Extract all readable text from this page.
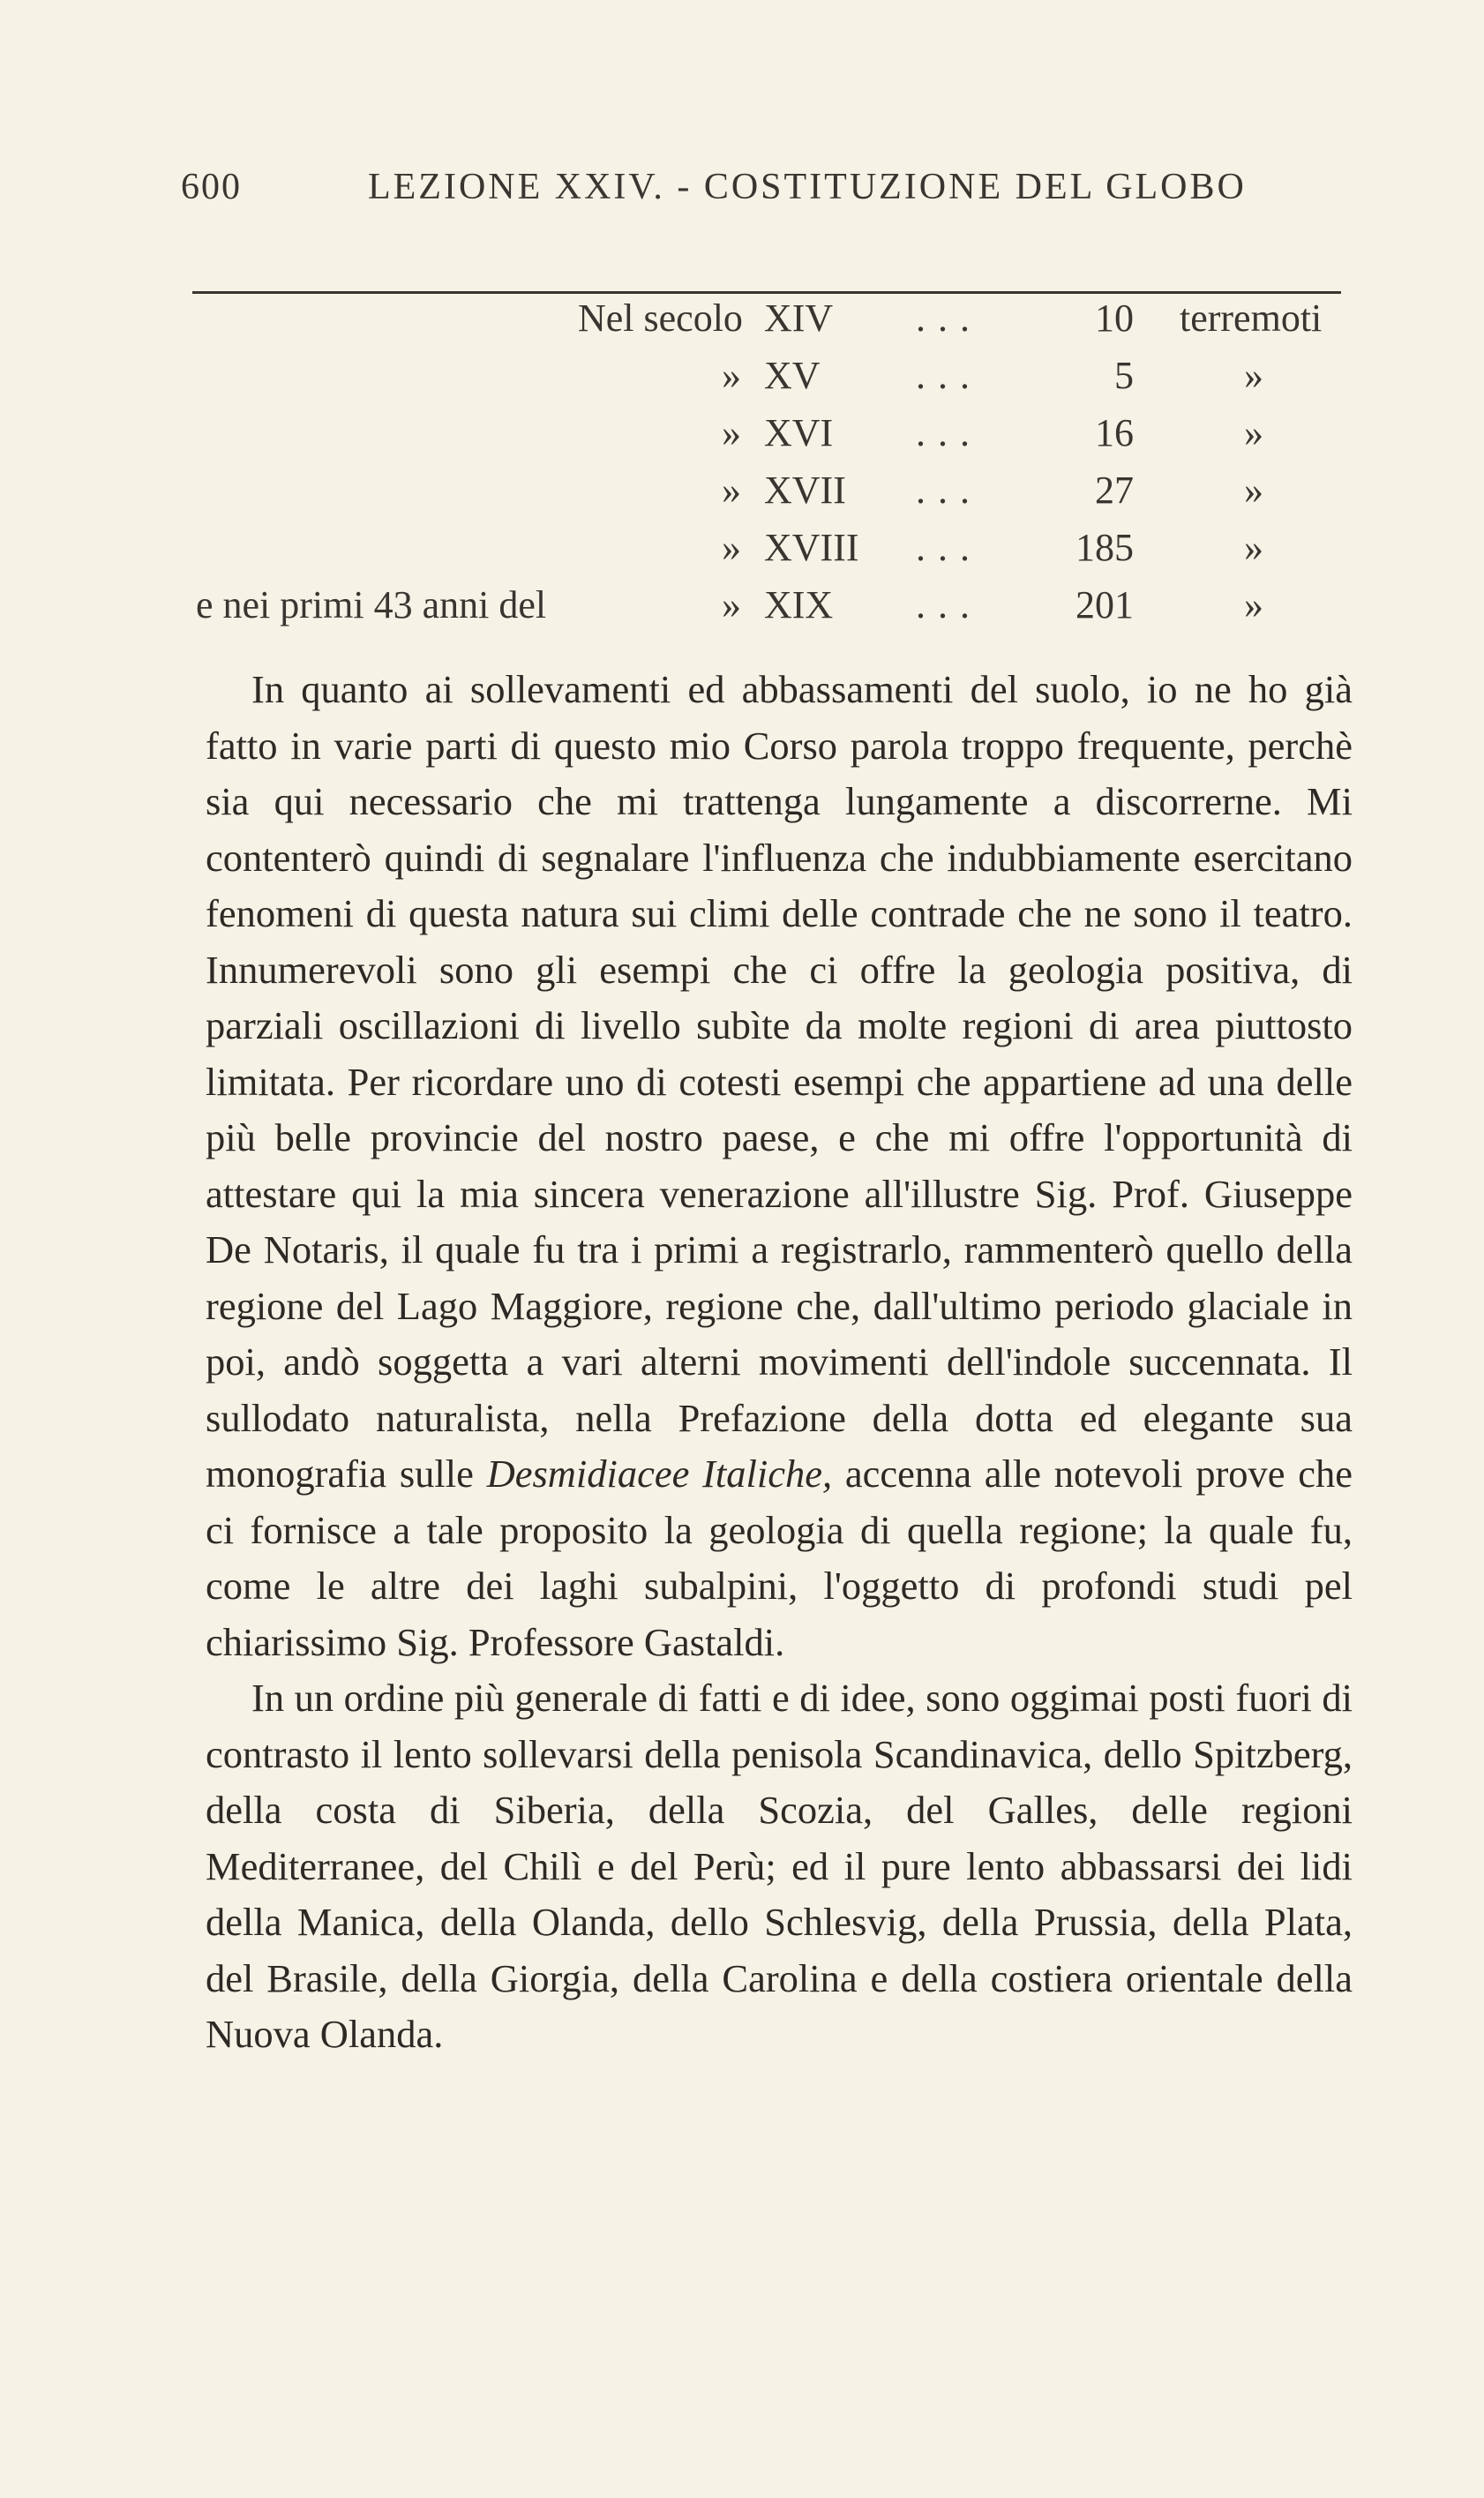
600	LEZIONE XXIV. - COSTITUZIONE DEL GLOBO
Nel secolo XIV ...	10 terremoti
» XV ...	5	»
» XVI ...	16	»
» XVII ...	27	»
» XVIII ...	185	»
e nei primi 43 anni del	» XIX ...	201	»

In quanto ai sollevamenti ed abbassamenti del suolo, io ne ho già fatto in varie parti di questo mio Corso parola troppo frequente, perchè sia qui necessario che mi trattenga lungamente a discorrerne. Mi contenterò quindi di segnalare l'influenza che indubbiamente esercitano fenomeni di questa natura sui climi delle contrade che ne sono il teatro. Innumerevoli sono gli esempi che ci offre la geologia positiva, di parziali oscillazioni di livello subìte da molte regioni di area piuttosto limitata. Per ricordare uno di cotesti esempi che appartiene ad una delle più belle provincie del nostro paese, e che mi offre l'opportunità di attestare qui la mia sincera venerazione all'illustre Sig. Prof. Giuseppe De Notaris, il quale fu tra i primi a registrarlo, rammenterò quello della regione del Lago Maggiore, regione che, dall'ultimo periodo glaciale in poi, andò soggetta a vari alterni movimenti dell'indole succennata. Il sullodato naturalista, nella Prefazione della dotta ed elegante sua monografia sulle Desmidiacee Italiche, accenna alle notevoli prove che ci fornisce a tale proposito la geologia di quella regione; la quale fu, come le altre dei laghi subalpini, l'oggetto di profondi studi pel chiarissimo Sig. Professore Gastaldi.

In un ordine più generale di fatti e di idee, sono oggimai posti fuori di contrasto il lento sollevarsi della penisola Scandinavica, dello Spitzberg, della costa di Siberia, della Scozia, del Galles, delle regioni Mediterranee, del Chilì e del Perù; ed il pure lento abbassarsi dei lidi della Manica, della Olanda, dello Schlesvig, della Prussia, della Plata, del Brasile, della Giorgia, della Carolina e della costiera orientale della Nuova Olanda.
